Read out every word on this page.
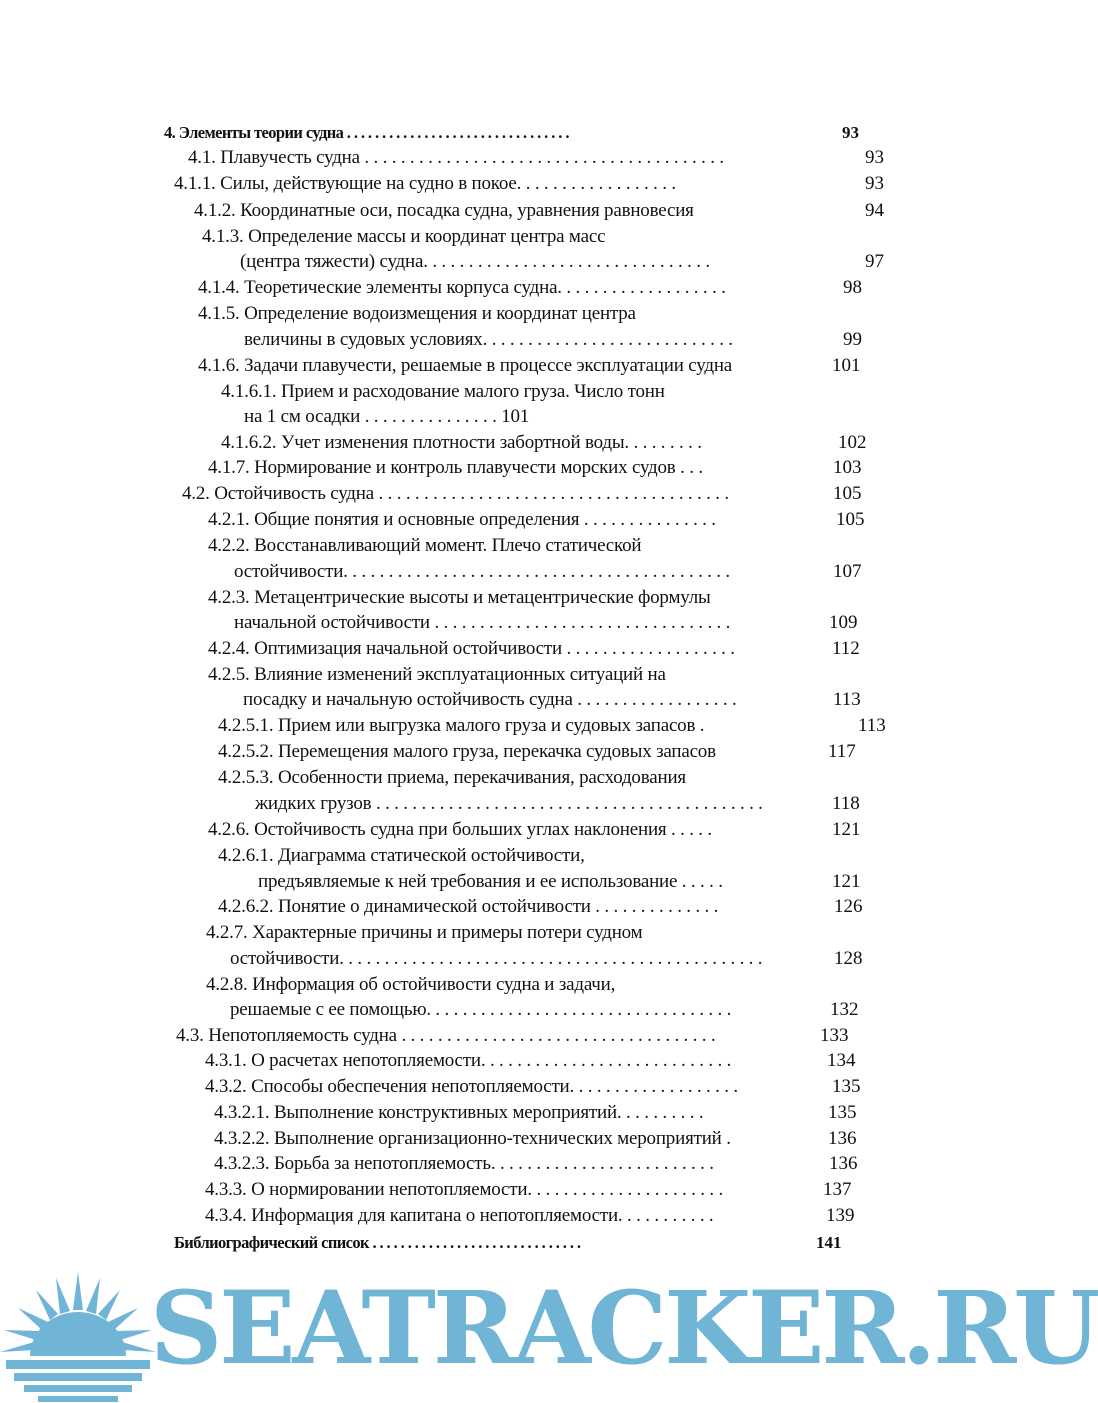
4. Элементы теории судна . . . . . . . . . . . . . . . . . . . . . . . . . . . . . . . .	93
4.1. Плавучесть судна . . . . . . . . . . . . . . . . . . . . . . . . . . . . . . . . . . . . . . . .	93
4.1.1. Силы, действующие на судно в покое. . . . . . . . . . . . . . . . . .	93
4.1.2. Координатные оси, посадка судна, уравнения равновесия	94
4.1.3. Определение массы и координат центра масс
(центра тяжести) судна. . . . . . . . . . . . . . . . . . . . . . . . . . . . . . . .	97
4.1.4. Теоретические элементы корпуса судна. . . . . . . . . . . . . . . . . . .	98
4.1.5. Определение водоизмещения и координат центра
величины в судовых условиях. . . . . . . . . . . . . . . . . . . . . . . . . . . .	99
4.1.6. Задачи плавучести, решаемые в процессе эксплуатации судна	101
4.1.6.1. Прием и расходование малого груза. Число тонн
на 1 см осадки . . . . . . . . . . . . . . . 101
4.1.6.2. Учет изменения плотности забортной воды. . . . . . . . .	102
4.1.7. Нормирование и контроль плавучести морских судов . . .	103
4.2. Остойчивость судна . . . . . . . . . . . . . . . . . . . . . . . . . . . . . . . . . . . . . . .	105
4.2.1. Общие понятия и основные определения . . . . . . . . . . . . . . .	105
4.2.2. Восстанавливающий момент. Плечо статической
остойчивости. . . . . . . . . . . . . . . . . . . . . . . . . . . . . . . . . . . . . . . . . . .	107
4.2.3. Метацентрические высоты и метацентрические формулы
начальной остойчивости . . . . . . . . . . . . . . . . . . . . . . . . . . . . . . . . .	109
4.2.4. Оптимизация начальной остойчивости . . . . . . . . . . . . . . . . . . .	112
4.2.5. Влияние изменений эксплуатационных ситуаций на
посадку и начальную остойчивость судна . . . . . . . . . . . . . . . . . .	113
4.2.5.1. Прием или выгрузка малого груза и судовых запасов .	113
4.2.5.2. Перемещения малого груза, перекачка судовых запасов	117
4.2.5.3. Особенности приема, перекачивания, расходования
жидких грузов . . . . . . . . . . . . . . . . . . . . . . . . . . . . . . . . . . . . . . . . . . .	118
4.2.6. Остойчивость судна при больших углах наклонения . . . . .	121
4.2.6.1. Диаграмма статической остойчивости,
предъявляемые к ней требования и ее использование . . . . .	121
4.2.6.2. Понятие о динамической остойчивости . . . . . . . . . . . . . .	126
4.2.7. Характерные причины и примеры потери судном
остойчивости. . . . . . . . . . . . . . . . . . . . . . . . . . . . . . . . . . . . . . . . . . . . . . .	128
4.2.8. Информация об остойчивости судна и задачи,
решаемые с ее помощью. . . . . . . . . . . . . . . . . . . . . . . . . . . . . . . . . .	132
4.3. Непотопляемость судна . . . . . . . . . . . . . . . . . . . . . . . . . . . . . . . . . . .	133
4.3.1. О расчетах непотопляемости. . . . . . . . . . . . . . . . . . . . . . . . . . . .	134
4.3.2. Способы обеспечения непотопляемости. . . . . . . . . . . . . . . . . . .	135
4.3.2.1. Выполнение конструктивных мероприятий. . . . . . . . . .	135
4.3.2.2. Выполнение организационно-технических мероприятий .	136
4.3.2.3. Борьба за непотопляемость. . . . . . . . . . . . . . . . . . . . . . . . .	136
4.3.3. О нормировании непотопляемости. . . . . . . . . . . . . . . . . . . . . .	137
4.3.4. Информация для капитана о непотопляемости. . . . . . . . . . .	139
Библиографический список . . . . . . . . . . . . . . . . . . . . . . . . . . . . . .	141
SEATRACKER.RU
